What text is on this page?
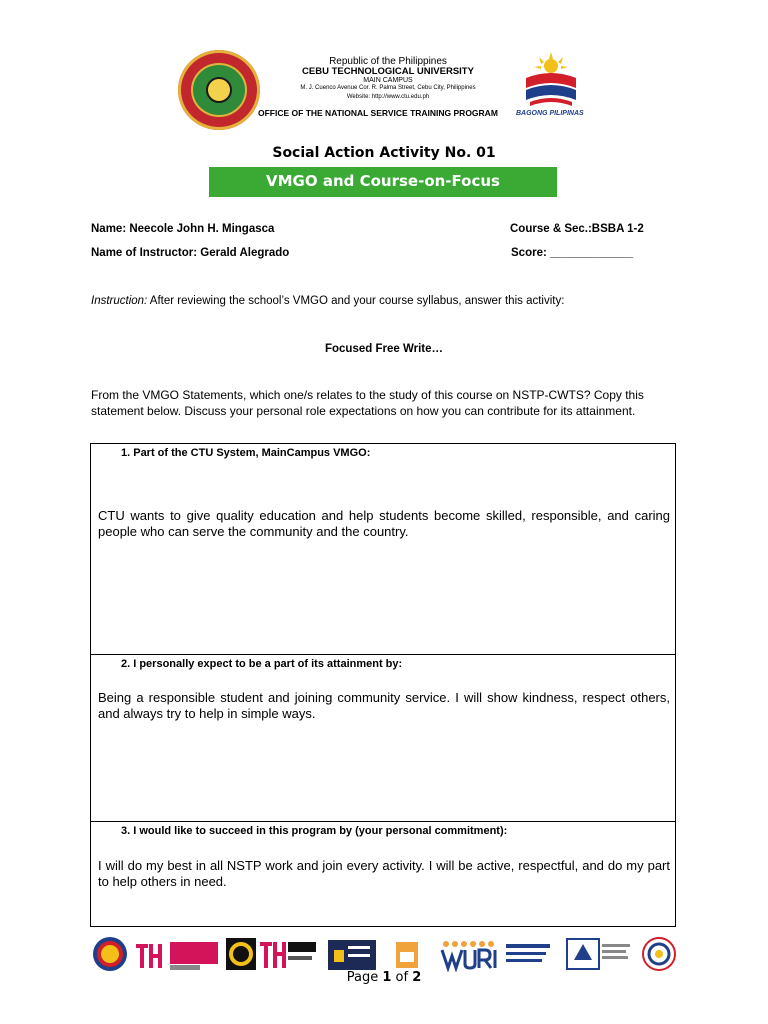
Republic of the Philippines
CEBU TECHNOLOGICAL UNIVERSITY
MAIN CAMPUS
M. J. Cuenco Avenue Cor. R. Palma Street, Cebu City, Philippines
Website: http://www.ctu.edu.ph
OFFICE OF THE NATIONAL SERVICE TRAINING PROGRAM	BAGONG PILIPINAS
Social Action Activity No. 01
VMGO and Course-on-Focus
Name: Neecole John H. Mingasca	Course & Sec.:BSBA 1-2
Name of Instructor: Gerald Alegrado	Score: _____________
Instruction: After reviewing the school’s VMGO and your course syllabus, answer this activity:
Focused Free Write…
From the VMGO Statements, which one/s relates to the study of this course on NSTP-CWTS? Copy this statement below. Discuss your personal role expectations on how you can contribute for its attainment.
1. Part of the CTU System, MainCampus VMGO:
CTU wants to give quality education and help students become skilled, responsible, and caring people who can serve the community and the country.
2. I personally expect to be a part of its attainment by:
Being a responsible student and joining community service. I will show kindness, respect others, and always try to help in simple ways.
3. I would like to succeed in this program by (your personal commitment):
I will do my best in all NSTP work and join every activity. I will be active, respectful, and do my part to help others in need.
Page 1 of 2
